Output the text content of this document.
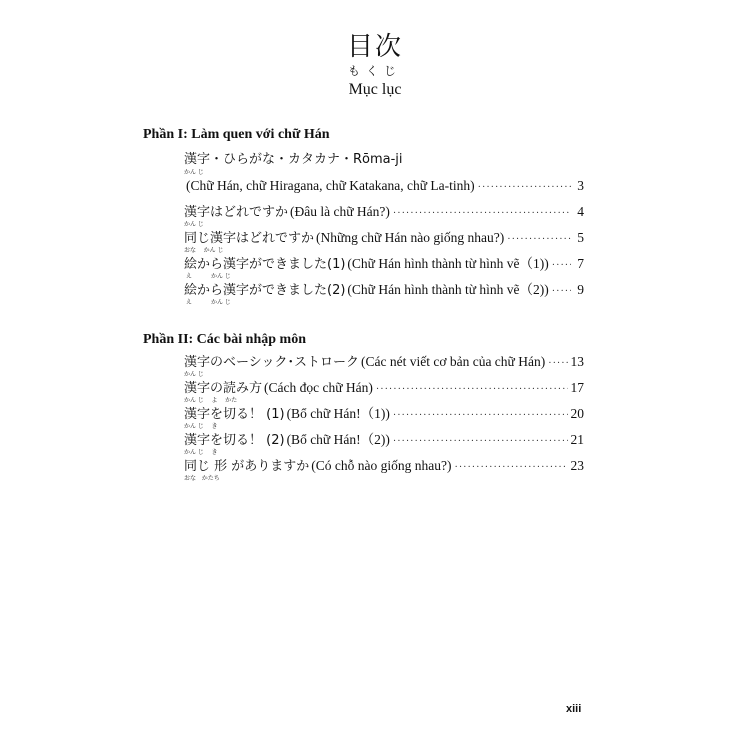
目次
もくじ
Mục lục
Phần I: Làm quen với chữ Hán
漢字・ひらがな・カタカナ・Rōma-ji
かん じ
(Chữ Hán, chữ Hiragana, chữ Katakana, chữ La-tinh) ·····	3
漢字はどれですか (Đâu là chữ Hán?) ·····	4
かん じ
同じ漢字はどれですか (Những chữ Hán nào giống nhau?) ·····	5
おな    かん じ
絵から漢字ができました(1) (Chữ Hán hình thành từ hình vẽ（1)) ····· 7
え          かん じ
絵から漢字ができました(2) (Chữ Hán hình thành từ hình vẽ（2)) ····· 9
え          かん じ
Phần II: Các bài nhập môn
漢字のベーシック･ストローク (Các nét viết cơ bản của chữ Hán) ····· 13
かん じ
漢字の読み方 (Cách đọc chữ Hán) ·····	17
かん じ    よ    かた
漢字を切る！ (1) (Bổ chữ Hán!（1)) ·····	20
かん じ    き
漢字を切る！ (2) (Bổ chữ Hán!（2)) ·····	21
かん じ    き
同じ 形 がありますか (Có chỗ nào giống nhau?) ·····	23
おな   かたち
xiii
